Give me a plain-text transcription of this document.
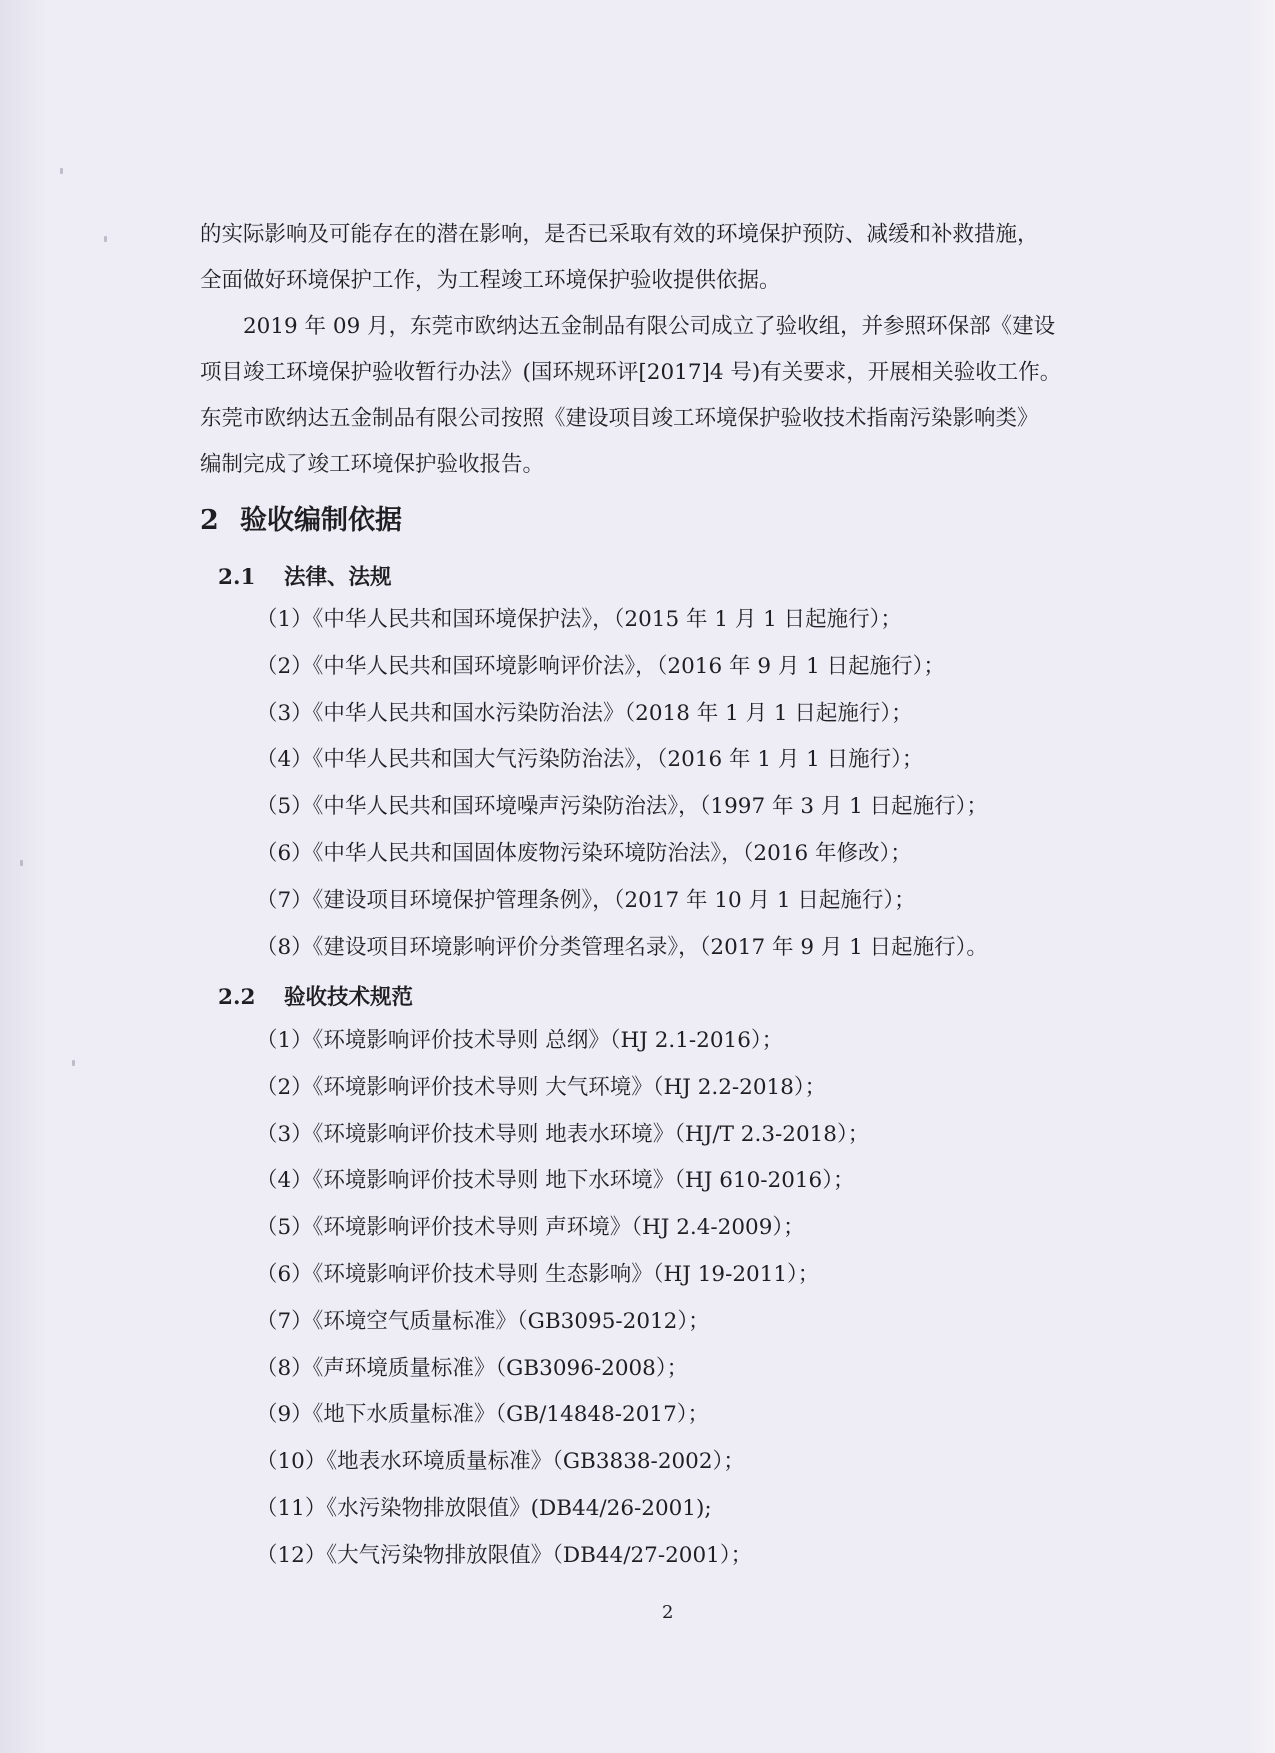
的实际影响及可能存在的潜在影响，是否已采取有效的环境保护预防、减缓和补救措施，

全面做好环境保护工作，为工程竣工环境保护验收提供依据。

2019 年 09 月，东莞市欧纳达五金制品有限公司成立了验收组，并参照环保部《建设

项目竣工环境保护验收暂行办法》(国环规环评[2017]4 号)有关要求，开展相关验收工作。

东莞市欧纳达五金制品有限公司按照《建设项目竣工环境保护验收技术指南污染影响类》

编制完成了竣工环境保护验收报告。

2 验收编制依据
2.1 法律、法规
（1）《中华人民共和国环境保护法》，（2015 年 1 月 1 日起施行）；
（2）《中华人民共和国环境影响评价法》，（2016 年 9 月 1 日起施行）；
（3）《中华人民共和国水污染防治法》（2018 年 1 月 1 日起施行）；
（4）《中华人民共和国大气污染防治法》，（2016 年 1 月 1 日施行）；
（5）《中华人民共和国环境噪声污染防治法》，（1997 年 3 月 1 日起施行）；
（6）《中华人民共和国固体废物污染环境防治法》，（2016 年修改）；
（7）《建设项目环境保护管理条例》，（2017 年 10 月 1 日起施行）；
（8）《建设项目环境影响评价分类管理名录》，（2017 年 9 月 1 日起施行）。
2.2 验收技术规范
（1）《环境影响评价技术导则 总纲》（HJ 2.1-2016）；
（2）《环境影响评价技术导则 大气环境》（HJ 2.2-2018）；
（3）《环境影响评价技术导则 地表水环境》（HJ/T 2.3-2018）；
（4）《环境影响评价技术导则 地下水环境》（HJ 610-2016）；
（5）《环境影响评价技术导则 声环境》（HJ 2.4-2009）；
（6）《环境影响评价技术导则 生态影响》（HJ 19-2011）；
（7）《环境空气质量标准》（GB3095-2012）；
（8）《声环境质量标准》（GB3096-2008）；
（9）《地下水质量标准》（GB/14848-2017）；
（10）《地表水环境质量标准》（GB3838-2002）；
（11）《水污染物排放限值》(DB44/26-2001);
（12）《大气污染物排放限值》（DB44/27-2001）；
2
